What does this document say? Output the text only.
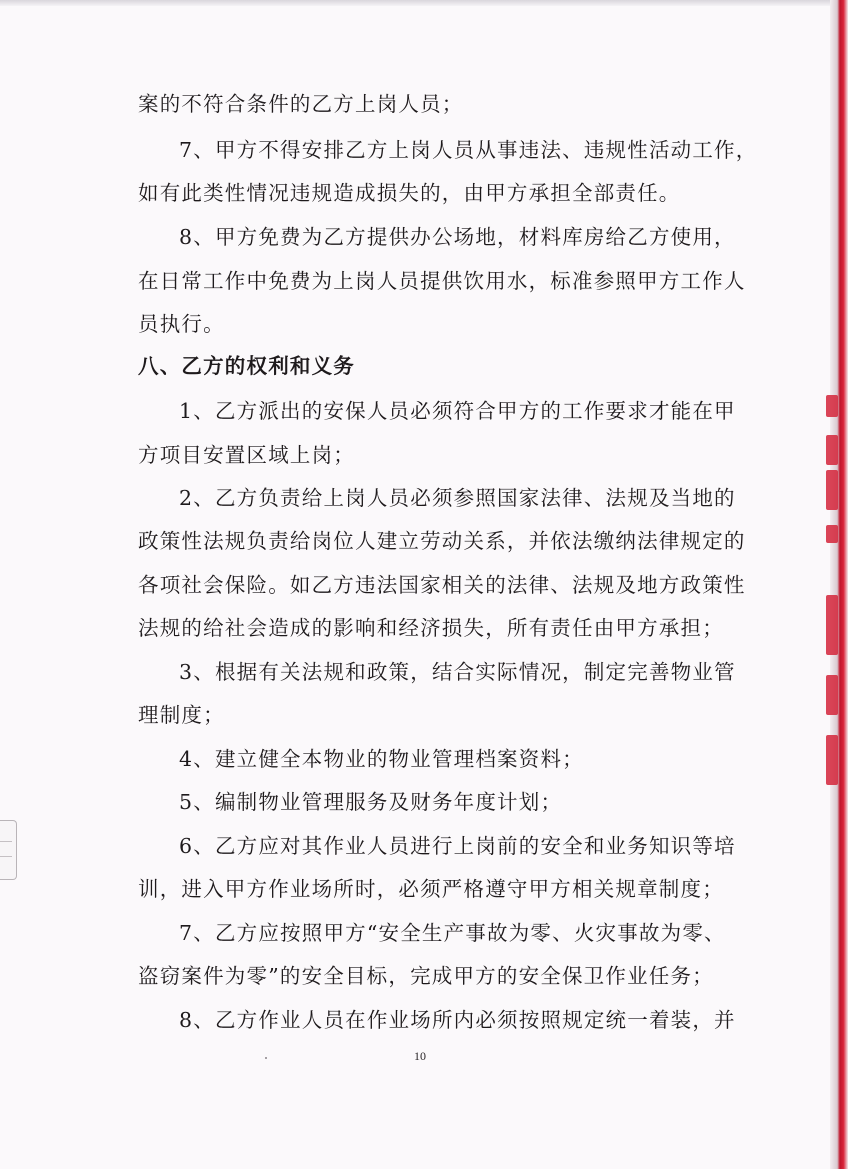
案的不符合条件的乙方上岗人员；
7、甲方不得安排乙方上岗人员从事违法、违规性活动工作，
如有此类性情况违规造成损失的，由甲方承担全部责任。
8、甲方免费为乙方提供办公场地，材料库房给乙方使用，
在日常工作中免费为上岗人员提供饮用水，标准参照甲方工作人
员执行。
八、乙方的权利和义务
1、乙方派出的安保人员必须符合甲方的工作要求才能在甲
方项目安置区域上岗；
2、乙方负责给上岗人员必须参照国家法律、法规及当地的
政策性法规负责给岗位人建立劳动关系，并依法缴纳法律规定的
各项社会保险。如乙方违法国家相关的法律、法规及地方政策性
法规的给社会造成的影响和经济损失，所有责任由甲方承担；
3、根据有关法规和政策，结合实际情况，制定完善物业管
理制度；
4、建立健全本物业的物业管理档案资料；
5、编制物业管理服务及财务年度计划；
6、乙方应对其作业人员进行上岗前的安全和业务知识等培
训，进入甲方作业场所时，必须严格遵守甲方相关规章制度；
7、乙方应按照甲方“安全生产事故为零、火灾事故为零、
盗窃案件为零”的安全目标，完成甲方的安全保卫作业任务；
8、乙方作业人员在作业场所内必须按照规定统一着装，并
10
